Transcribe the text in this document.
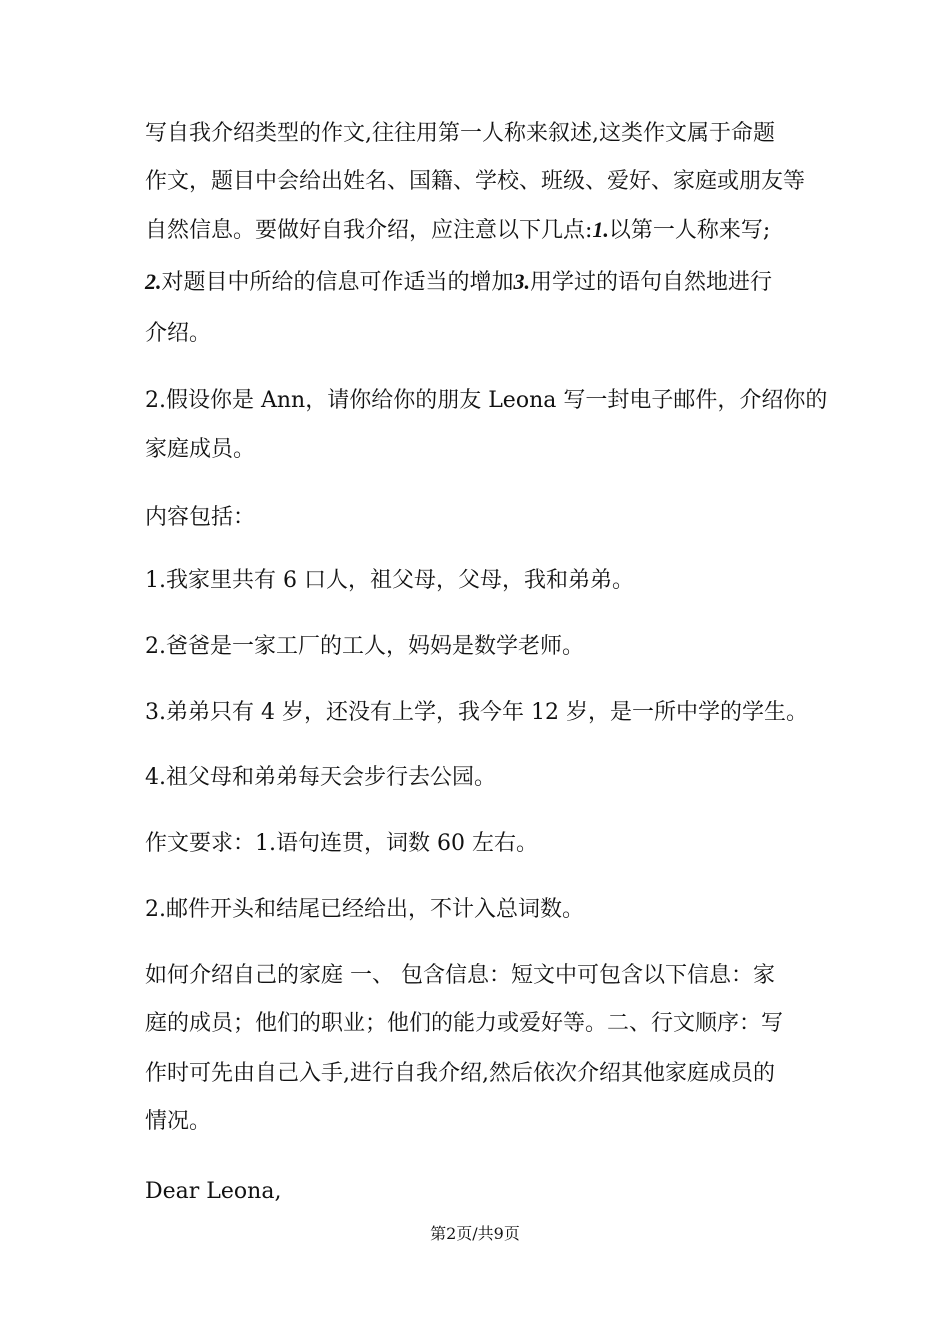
写自我介绍类型的作文,往往用第一人称来叙述,这类作文属于命题
作文，题目中会给出姓名、国籍、学校、班级、爱好、家庭或朋友等
自然信息。要做好自我介绍，应注意以下几点:1.以第一人称来写;
2.对题目中所给的信息可作适当的增加3.用学过的语句自然地进行
介绍。
2.假设你是 Ann，请你给你的朋友 Leona 写一封电子邮件，介绍你的
家庭成员。
内容包括：
1.我家里共有 6 口人，祖父母，父母，我和弟弟。
2.爸爸是一家工厂的工人，妈妈是数学老师。
3.弟弟只有 4 岁，还没有上学，我今年 12 岁，是一所中学的学生。
4.祖父母和弟弟每天会步行去公园。
作文要求：1.语句连贯，词数 60 左右。
2.邮件开头和结尾已经给出，不计入总词数。
如何介绍自己的家庭 一、 包含信息：短文中可包含以下信息：家
庭的成员；他们的职业；他们的能力或爱好等。二、行文顺序：写
作时可先由自己入手,进行自我介绍,然后依次介绍其他家庭成员的
情况。
Dear Leona,
第2页/共9页
